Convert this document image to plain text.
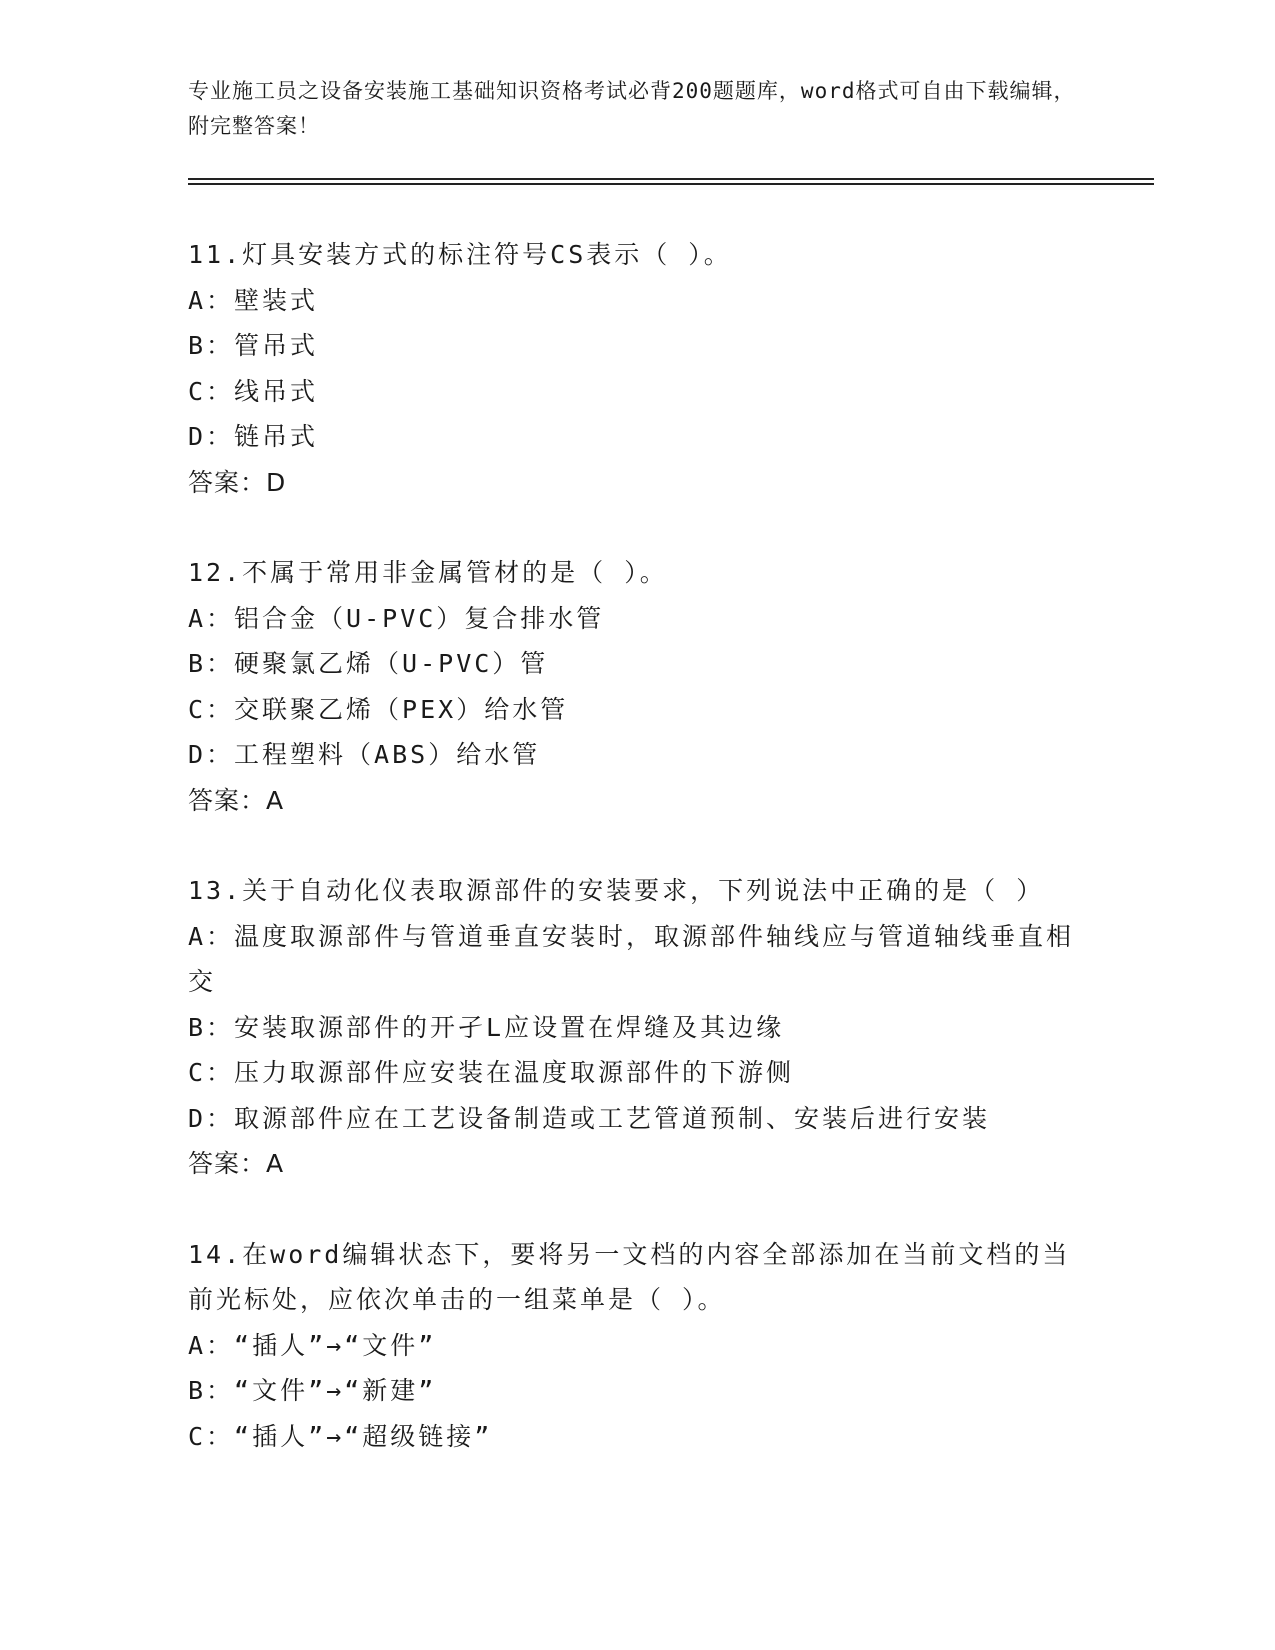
专业施工员之设备安装施工基础知识资格考试必背200题题库，word格式可自由下载编辑，附完整答案！
11.灯具安装方式的标注符号CS表示（ ）。
A：壁装式
B：管吊式
C：线吊式
D：链吊式
答案：D
12.不属于常用非金属管材的是（ ）。
A：铝合金（U-PVC）复合排水管
B：硬聚氯乙烯（U-PVC）管
C：交联聚乙烯（PEX）给水管
D：工程塑料（ABS）给水管
答案：A
13.关于自动化仪表取源部件的安装要求，下列说法中正确的是（ ）
A：温度取源部件与管道垂直安装时，取源部件轴线应与管道轴线垂直相交
B：安装取源部件的开孑L应设置在焊缝及其边缘
C：压力取源部件应安装在温度取源部件的下游侧
D：取源部件应在工艺设备制造或工艺管道预制、安装后进行安装
答案：A
14.在word编辑状态下，要将另一文档的内容全部添加在当前文档的当前光标处，应依次单击的一组菜单是（ ）。
A：“插人”→“文件”
B：“文件”→“新建”
C：“插人”→“超级链接”
